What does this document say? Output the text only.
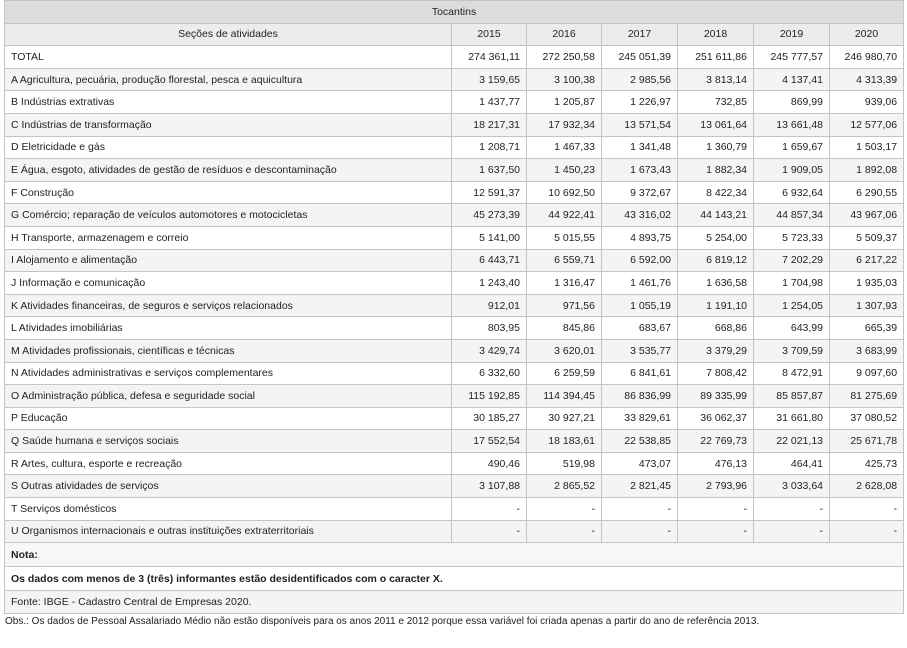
Tocantins						
Seções de atividades	2015	2016	2017	2018	2019	2020
TOTAL	274 361,11	272 250,58	245 051,39	251 611,86	245 777,57	246 980,70
A Agricultura, pecuária, produção florestal, pesca e aquicultura	3 159,65	3 100,38	2 985,56	3 813,14	4 137,41	4 313,39
B Indústrias extrativas	1 437,77	1 205,87	1 226,97	732,85	869,99	939,06
C Indústrias de transformação	18 217,31	17 932,34	13 571,54	13 061,64	13 661,48	12 577,06
D Eletricidade e gás	1 208,71	1 467,33	1 341,48	1 360,79	1 659,67	1 503,17
E Água, esgoto, atividades de gestão de resíduos e descontaminação	1 637,50	1 450,23	1 673,43	1 882,34	1 909,05	1 892,08
F Construção	12 591,37	10 692,50	9 372,67	8 422,34	6 932,64	6 290,55
G Comércio; reparação de veículos automotores e motocicletas	45 273,39	44 922,41	43 316,02	44 143,21	44 857,34	43 967,06
H Transporte, armazenagem e correio	5 141,00	5 015,55	4 893,75	5 254,00	5 723,33	5 509,37
I Alojamento e alimentação	6 443,71	6 559,71	6 592,00	6 819,12	7 202,29	6 217,22
J Informação e comunicação	1 243,40	1 316,47	1 461,76	1 636,58	1 704,98	1 935,03
K Atividades financeiras, de seguros e serviços relacionados	912,01	971,56	1 055,19	1 191,10	1 254,05	1 307,93
L Atividades imobiliárias	803,95	845,86	683,67	668,86	643,99	665,39
M Atividades profissionais, científicas e técnicas	3 429,74	3 620,01	3 535,77	3 379,29	3 709,59	3 683,99
N Atividades administrativas e serviços complementares	6 332,60	6 259,59	6 841,61	7 808,42	8 472,91	9 097,60
O Administração pública, defesa e seguridade social	115 192,85	114 394,45	86 836,99	89 335,99	85 857,87	81 275,69
P Educação	30 185,27	30 927,21	33 829,61	36 062,37	31 661,80	37 080,52
Q Saúde humana e serviços sociais	17 552,54	18 183,61	22 538,85	22 769,73	22 021,13	25 671,78
R Artes, cultura, esporte e recreação	490,46	519,98	473,07	476,13	464,41	425,73
S Outras atividades de serviços	3 107,88	2 865,52	2 821,45	2 793,96	3 033,64	2 628,08
T Serviços domésticos	-	-	-	-	-	-
U Organismos internacionais e outras instituições extraterritoriais	-	-	-	-	-	-
Nota:						
Os dados com menos de 3 (três) informantes estão desidentificados com o caracter X.						
Fonte: IBGE - Cadastro Central de Empresas 2020.						
Obs.: Os dados de Pessoal Assalariado Médio não estão disponíveis para os anos 2011 e 2012 porque essa variável foi criada apenas a partir do ano de referência 2013.
